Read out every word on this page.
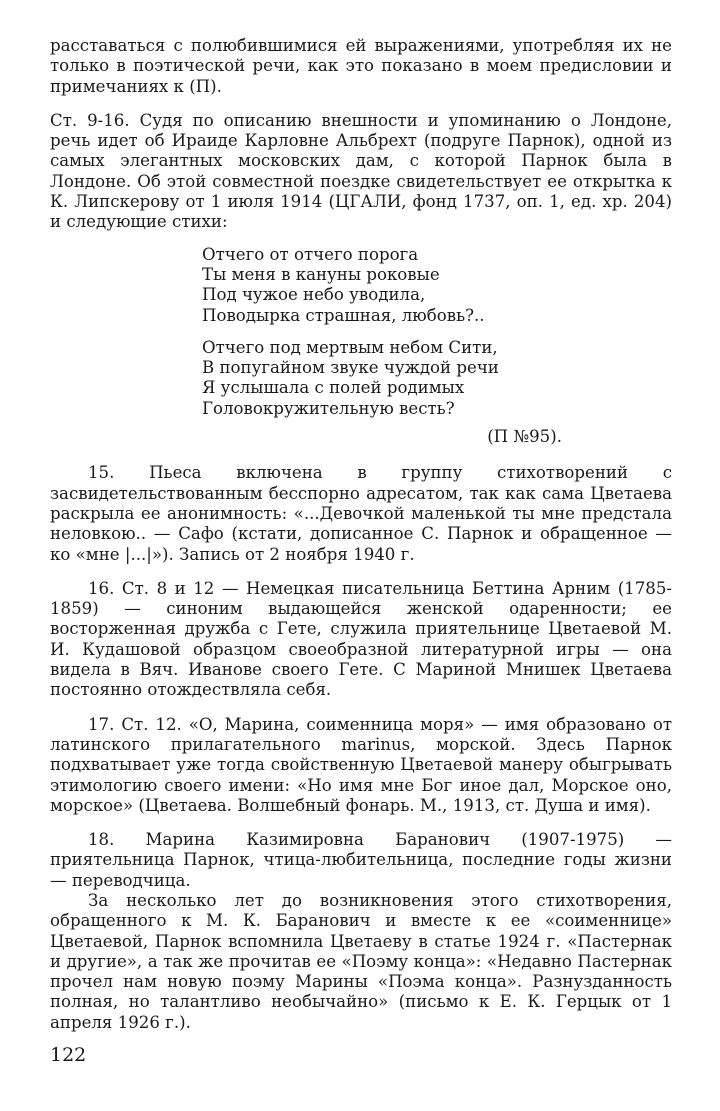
расставаться с полюбившимися ей выражениями, употребляя их не только в поэтической речи, как это показано в моем предисловии и примечаниях к (П).

Ст. 9-16. Судя по описанию внешности и упоминанию о Лондоне, речь идет об Ираиде Карловне Альбрехт (подруге Парнок), одной из самых элегантных московских дам, с которой Парнок была в Лондоне. Об этой совместной поездке свидетельствует ее открытка к К. Липскерову от 1 июля 1914 (ЦГАЛИ, фонд 1737, оп. 1, ед. хр. 204) и следующие стихи:

Отчего от отчего порога
Ты меня в кануны роковые
Под чужое небо уводила,
Поводырка страшная, любовь?..
Отчего под мертвым небом Сити,
В попугайном звуке чуждой речи
Я услышала с полей родимых
Головокружительную весть?
(П №95).

15. Пьеса включена в группу стихотворений с засвидетельствованным бесспорно адресатом, так как сама Цветаева раскрыла ее анонимность: «...Девочкой маленькой ты мне предстала неловкою.. — Сафо (кстати, дописанное С. Парнок и обращенное — ко «мне |...|»). Запись от 2 ноября 1940 г.

16. Ст. 8 и 12 — Немецкая писательница Беттина Арним (1785-1859) — синоним выдающейся женской одаренности; ее восторженная дружба с Гете, служила приятельнице Цветаевой М. И. Кудашовой образцом своеобразной литературной игры — она видела в Вяч. Иванове своего Гете. С Мариной Мнишек Цветаева постоянно отождествляла себя.

17. Ст. 12. «О, Марина, соименница моря» — имя образовано от латинского прилагательного marinus, морской. Здесь Парнок подхватывает уже тогда свойственную Цветаевой манеру обыгрывать этимологию своего имени: «Но имя мне Бог иное дал, Морское оно, морское» (Цветаева. Волшебный фонарь. М., 1913, ст. Душа и имя).

18. Марина Казимировна Баранович (1907-1975) — приятельница Парнок, чтица-любительница, последние годы жизни — переводчица.

За несколько лет до возникновения этого стихотворения, обращенного к М. К. Баранович и вместе к ее «соименнице» Цветаевой, Парнок вспомнила Цветаеву в статье 1924 г. «Пастернак и другие», а так же прочитав ее «Поэму конца»: «Недавно Пастернак прочел нам новую поэму Марины «Поэма конца». Разнузданность полная, но талантливо необычайно» (письмо к Е. К. Герцык от 1 апреля 1926 г.).

122
